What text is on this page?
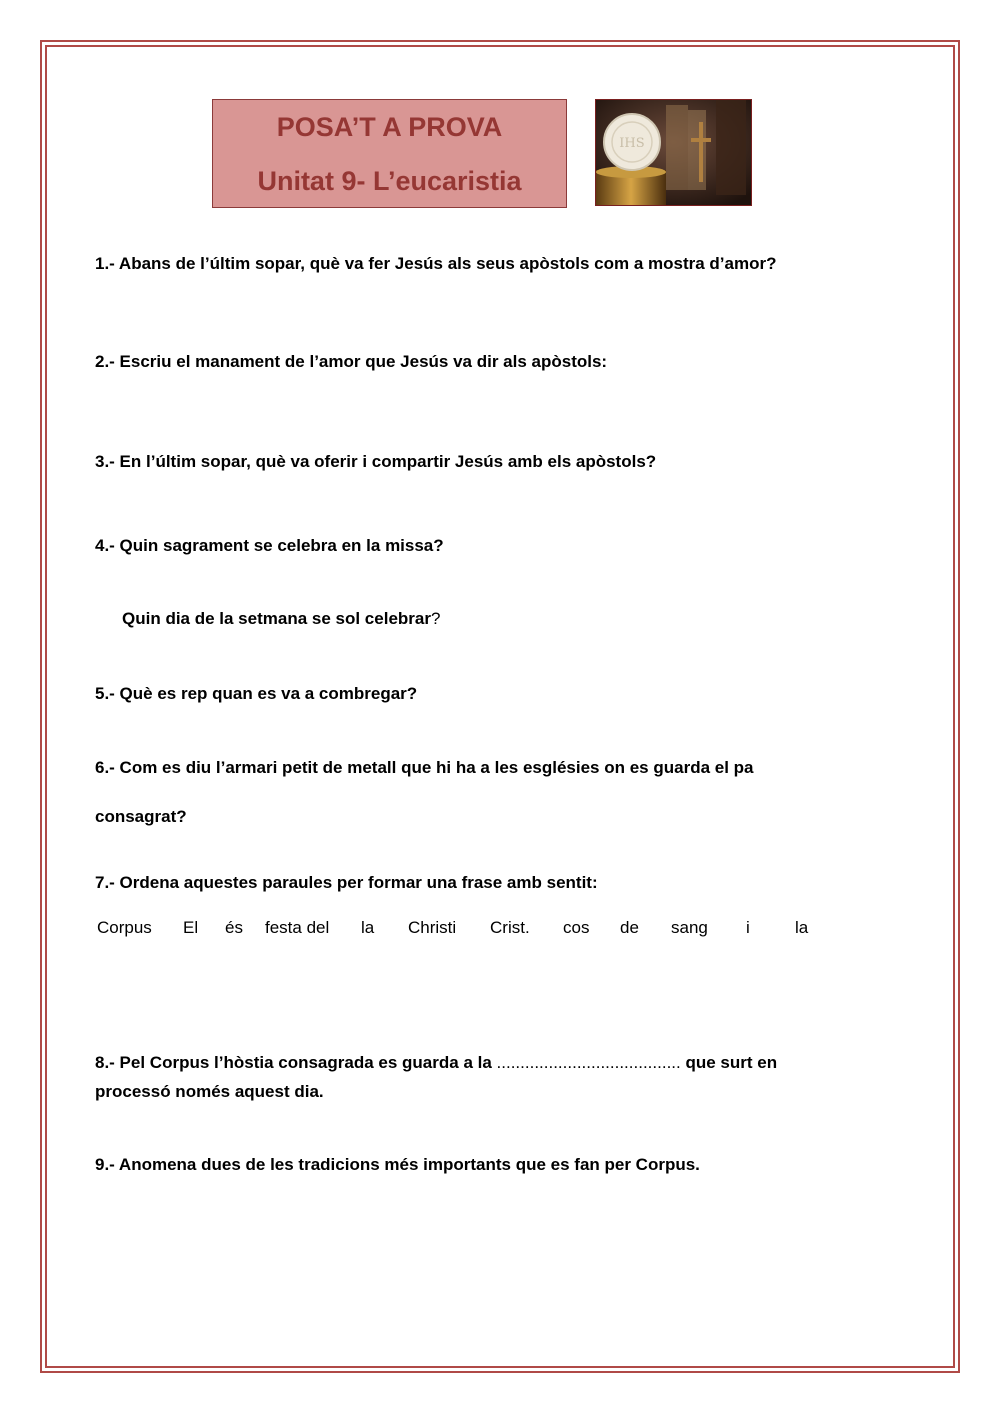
POSA’T A PROVA
Unitat 9- L’eucaristia
IHS
1.- Abans de l’últim sopar, què va fer Jesús als seus apòstols com a mostra d’amor?
2.- Escriu el manament de l’amor que Jesús va dir als apòstols:
3.- En l’últim sopar, què va oferir i compartir Jesús amb els apòstols?
4.- Quin sagrament se celebra en la missa?
Quin dia de la setmana se sol celebrar?
5.- Què es rep quan es va a combregar?
6.- Com es diu l’armari petit de metall que hi ha a les esglésies on es guarda el pa
consagrat?
7.- Ordena aquestes paraules per formar una frase amb sentit:
Corpus El és festa del la Christi Crist. cos de sang i	la
8.- Pel Corpus l’hòstia consagrada es guarda a la ....................................... que surt en
processó només aquest dia.
9.- Anomena dues de les tradicions més importants que es fan per Corpus.
